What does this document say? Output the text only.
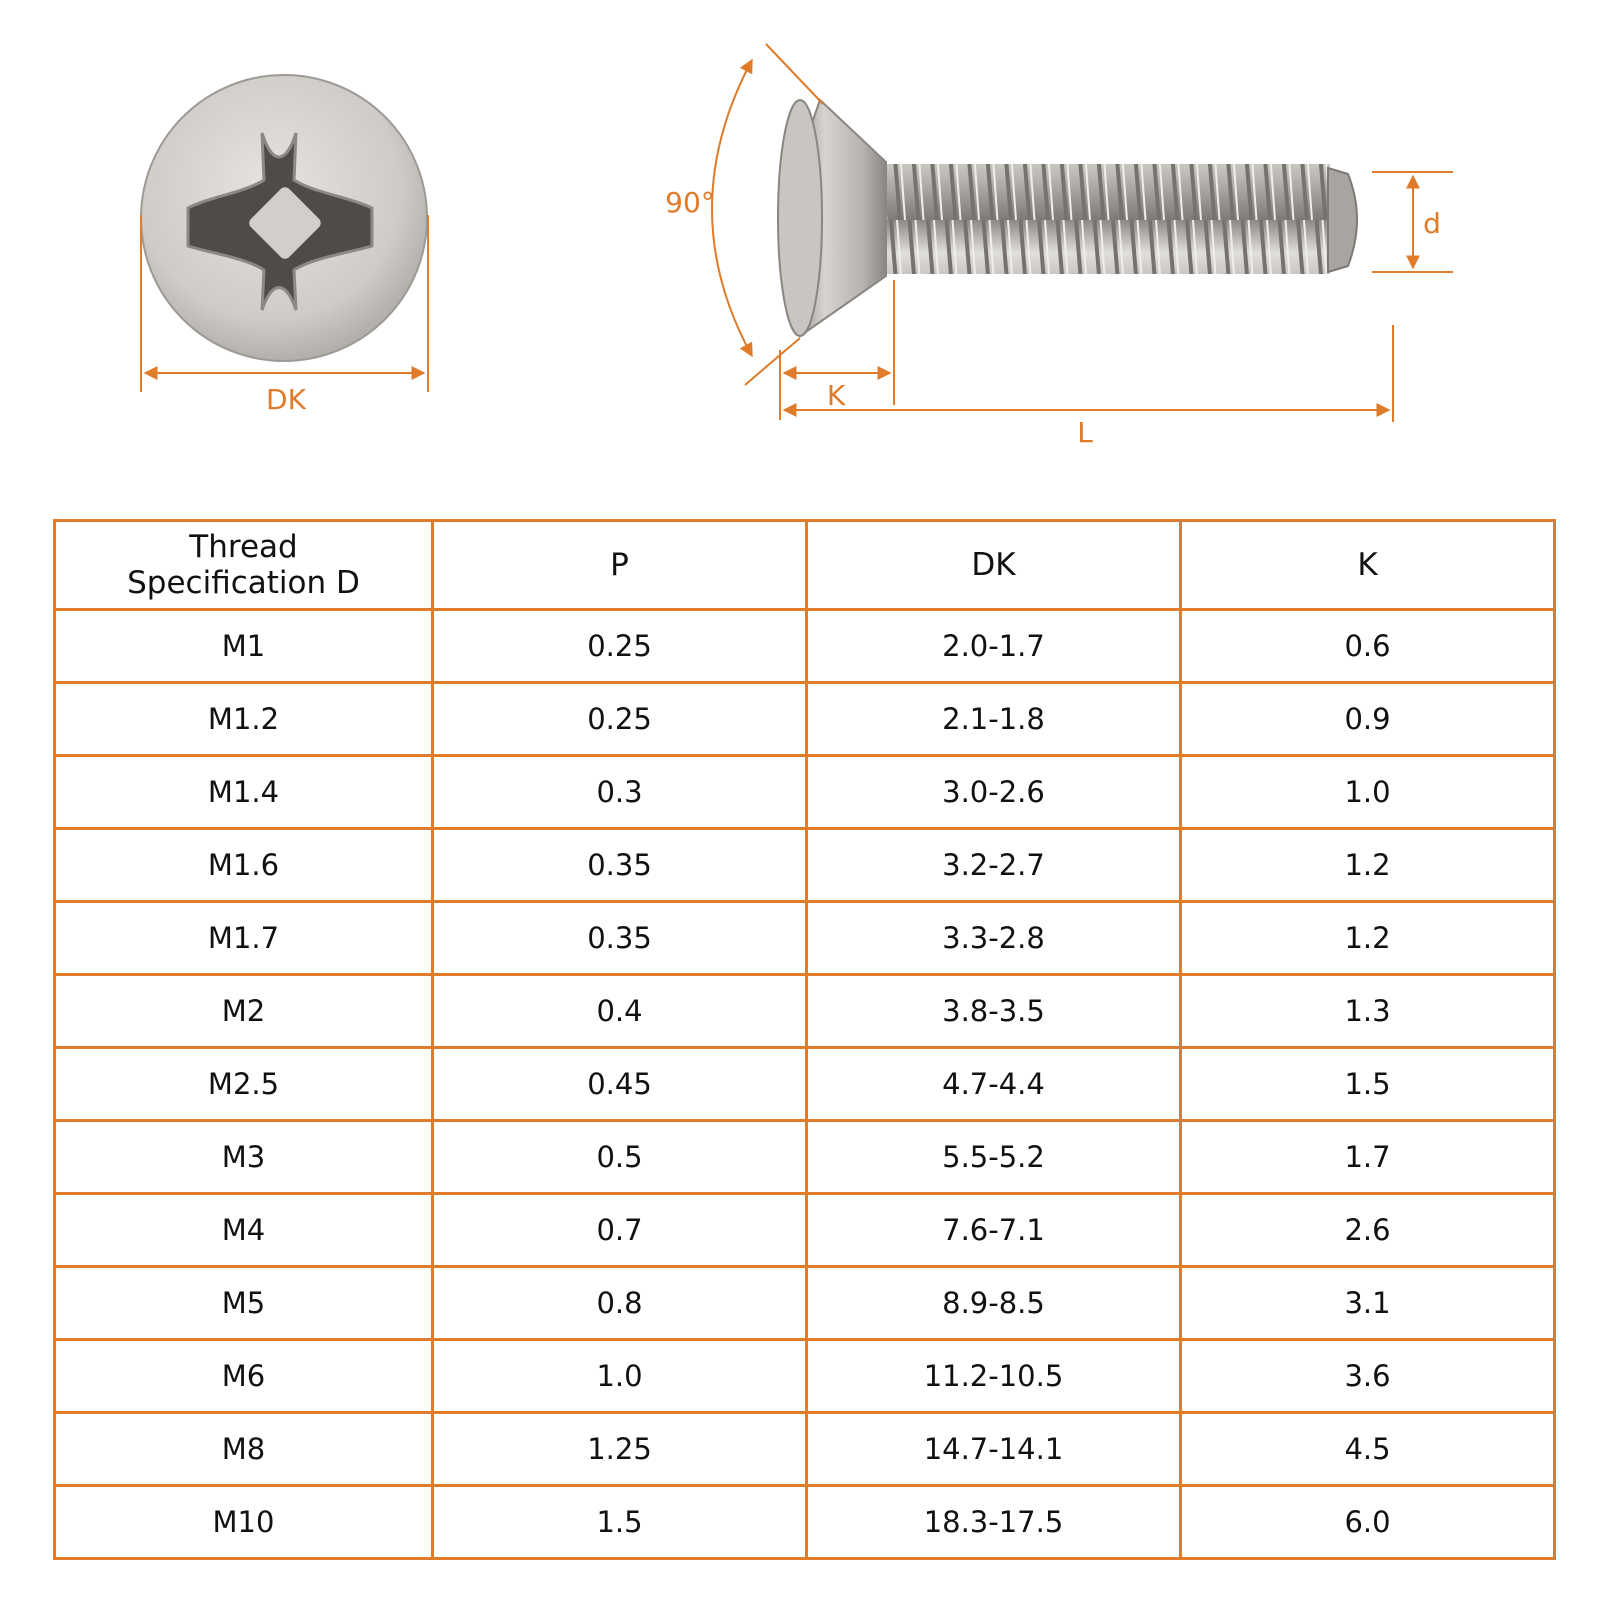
DK
90°
d
K
L
Thread
Specification D	P	DK	K
M1	0.25	2.0-1.7	0.6
M1.2	0.25	2.1-1.8	0.9
M1.4	0.3	3.0-2.6	1.0
M1.6	0.35	3.2-2.7	1.2
M1.7	0.35	3.3-2.8	1.2
M2	0.4	3.8-3.5	1.3
M2.5	0.45	4.7-4.4	1.5
M3	0.5	5.5-5.2	1.7
M4	0.7	7.6-7.1	2.6
M5	0.8	8.9-8.5	3.1
M6	1.0	11.2-10.5	3.6
M8	1.25	14.7-14.1	4.5
M10	1.5	18.3-17.5	6.0
